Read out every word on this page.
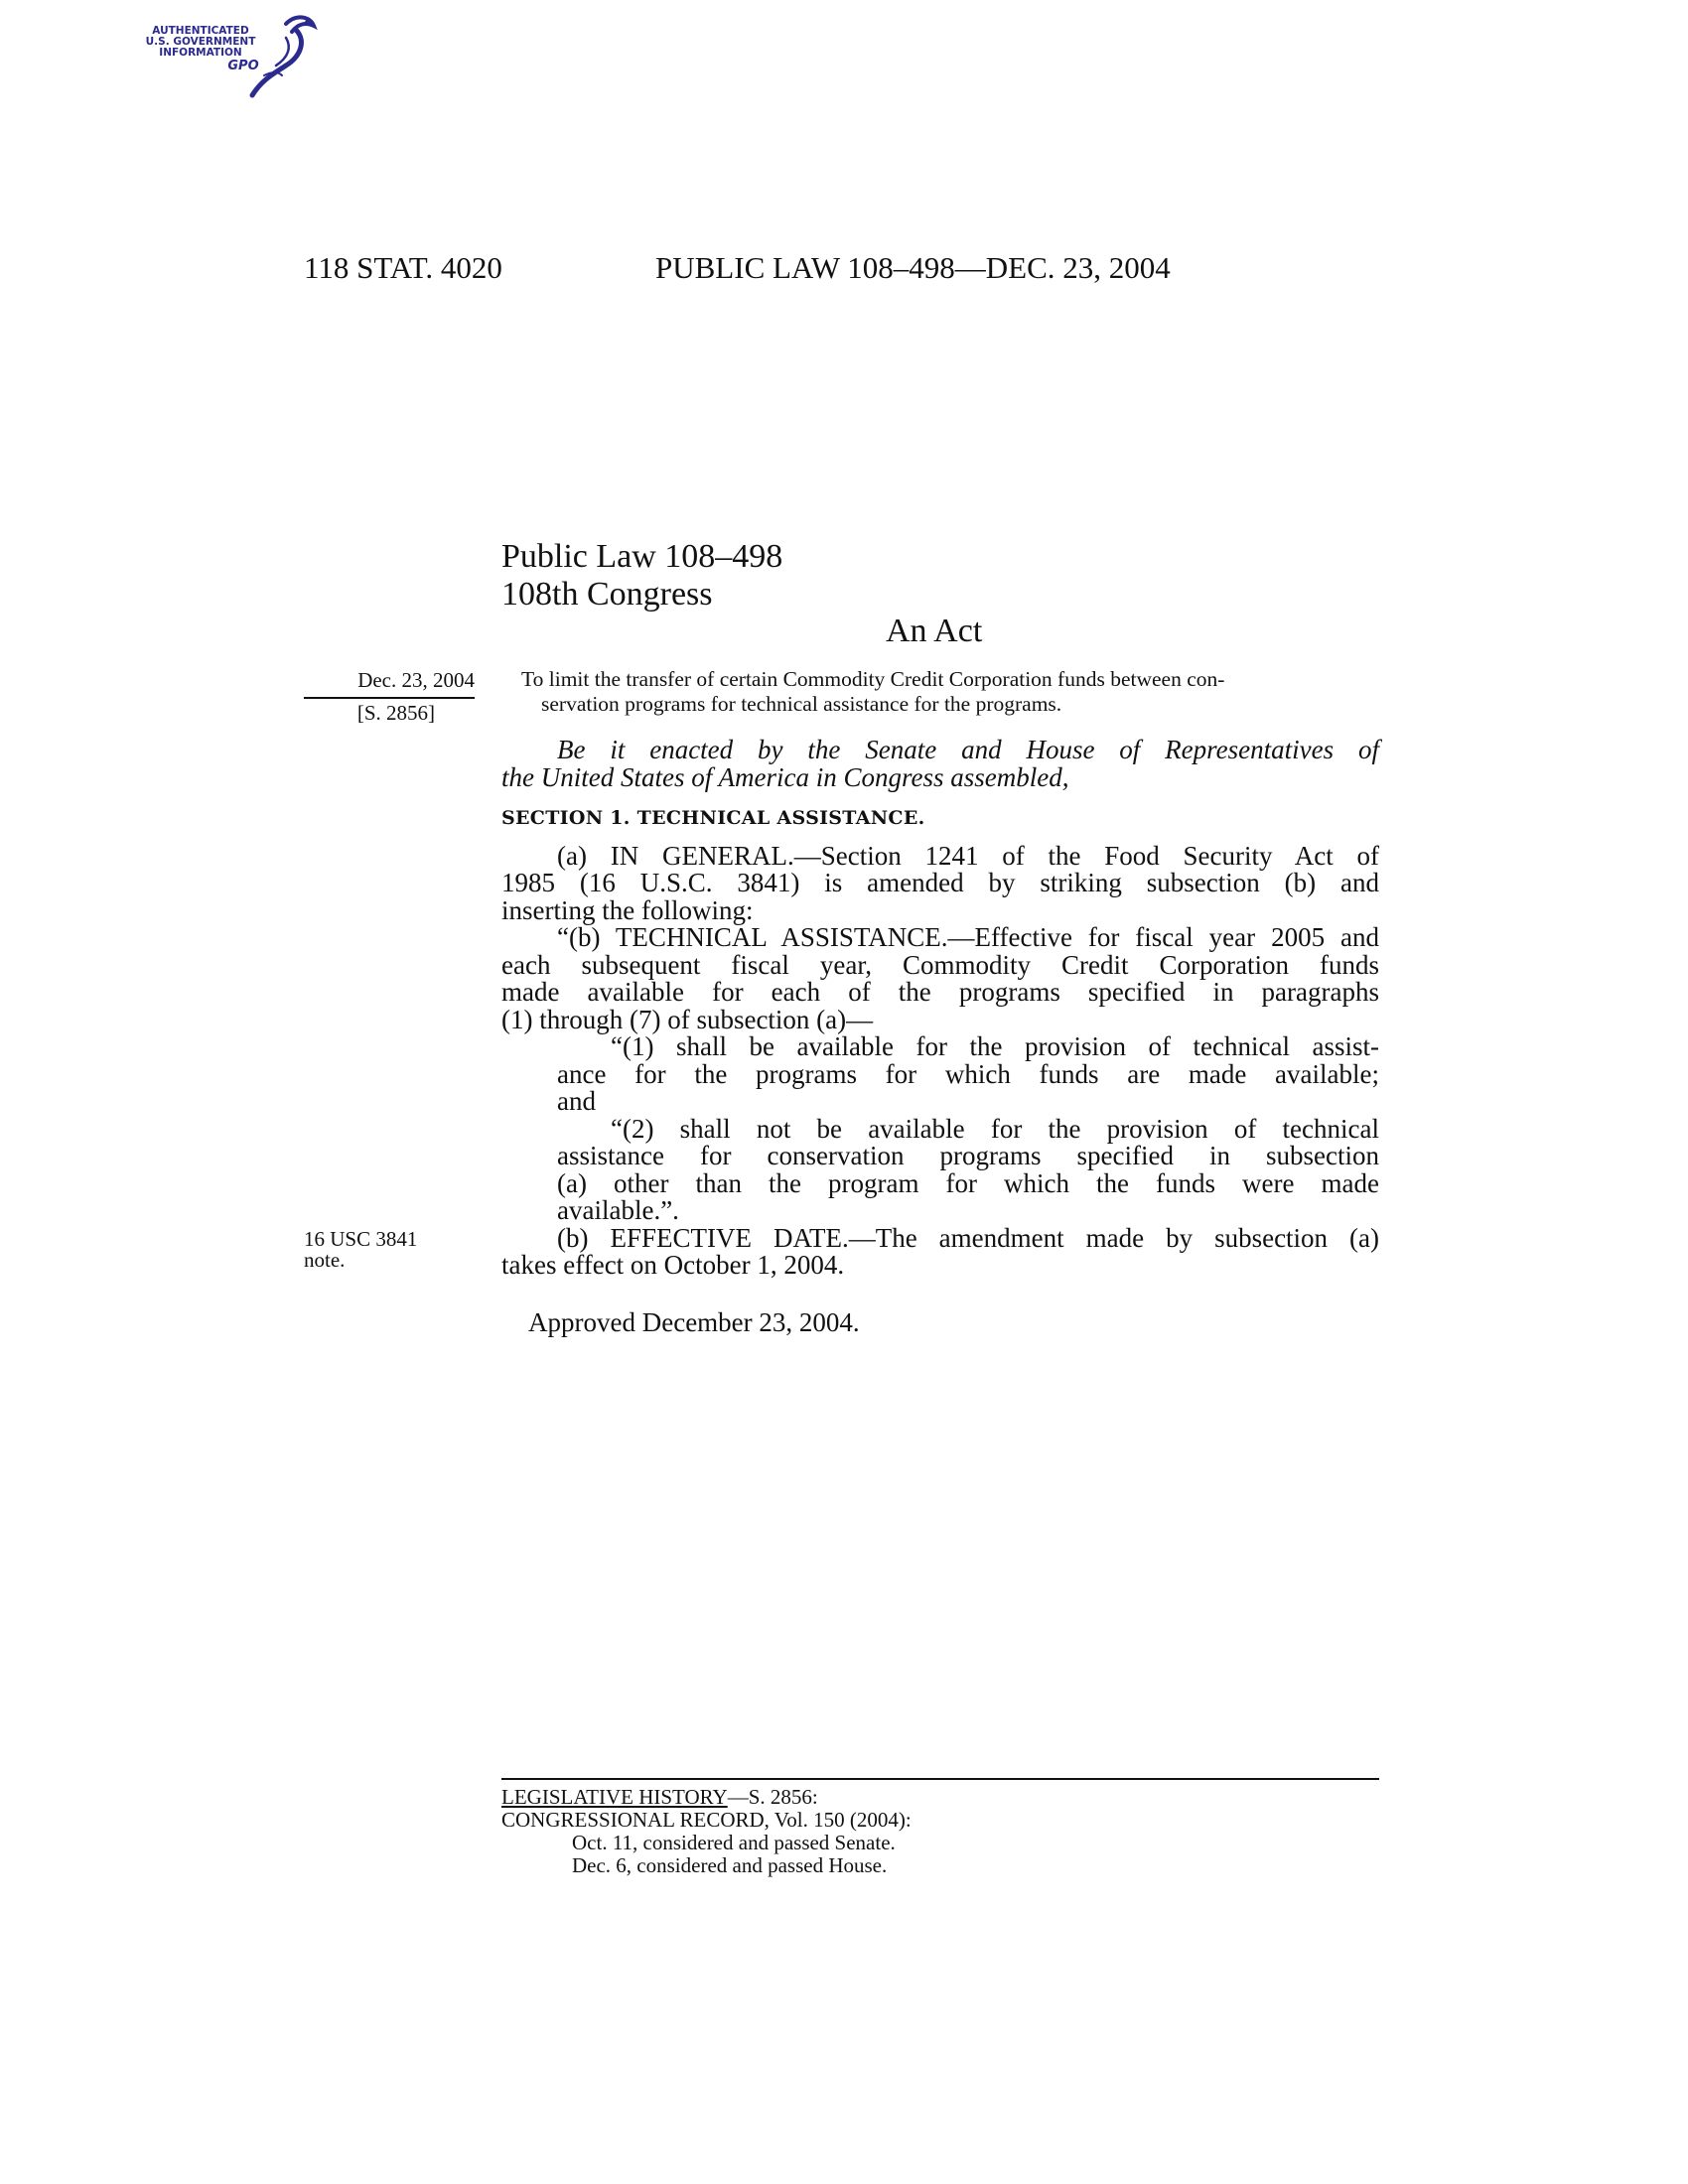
AUTHENTICATED
U.S. GOVERNMENT
INFORMATION
GPO
118 STAT. 4020	PUBLIC LAW 108–498—DEC. 23, 2004
Public Law 108–498
108th Congress
An Act
Dec. 23, 2004
[S. 2856]
16 USC 3841
note.
To limit the transfer of certain Commodity Credit Corporation funds between con-
servation programs for technical assistance for the programs.
Be it enacted by the Senate and House of Representatives of
the United States of America in Congress assembled,
SECTION 1. TECHNICAL ASSISTANCE.
(a) IN GENERAL.—Section 1241 of the Food Security Act of
1985 (16 U.S.C. 3841) is amended by striking subsection (b) and
inserting the following:
“(b) TECHNICAL ASSISTANCE.—Effective for fiscal year 2005 and
each subsequent fiscal year, Commodity Credit Corporation funds
made available for each of the programs specified in paragraphs
(1) through (7) of subsection (a)—
“(1) shall be available for the provision of technical assist-
ance for the programs for which funds are made available;
and
“(2) shall not be available for the provision of technical
assistance for conservation programs specified in subsection
(a) other than the program for which the funds were made
available.”.
(b) EFFECTIVE DATE.—The amendment made by subsection (a)
takes effect on October 1, 2004.
Approved December 23, 2004.
LEGISLATIVE HISTORY—S. 2856:
CONGRESSIONAL RECORD, Vol. 150 (2004):
Oct. 11, considered and passed Senate.
Dec. 6, considered and passed House.
